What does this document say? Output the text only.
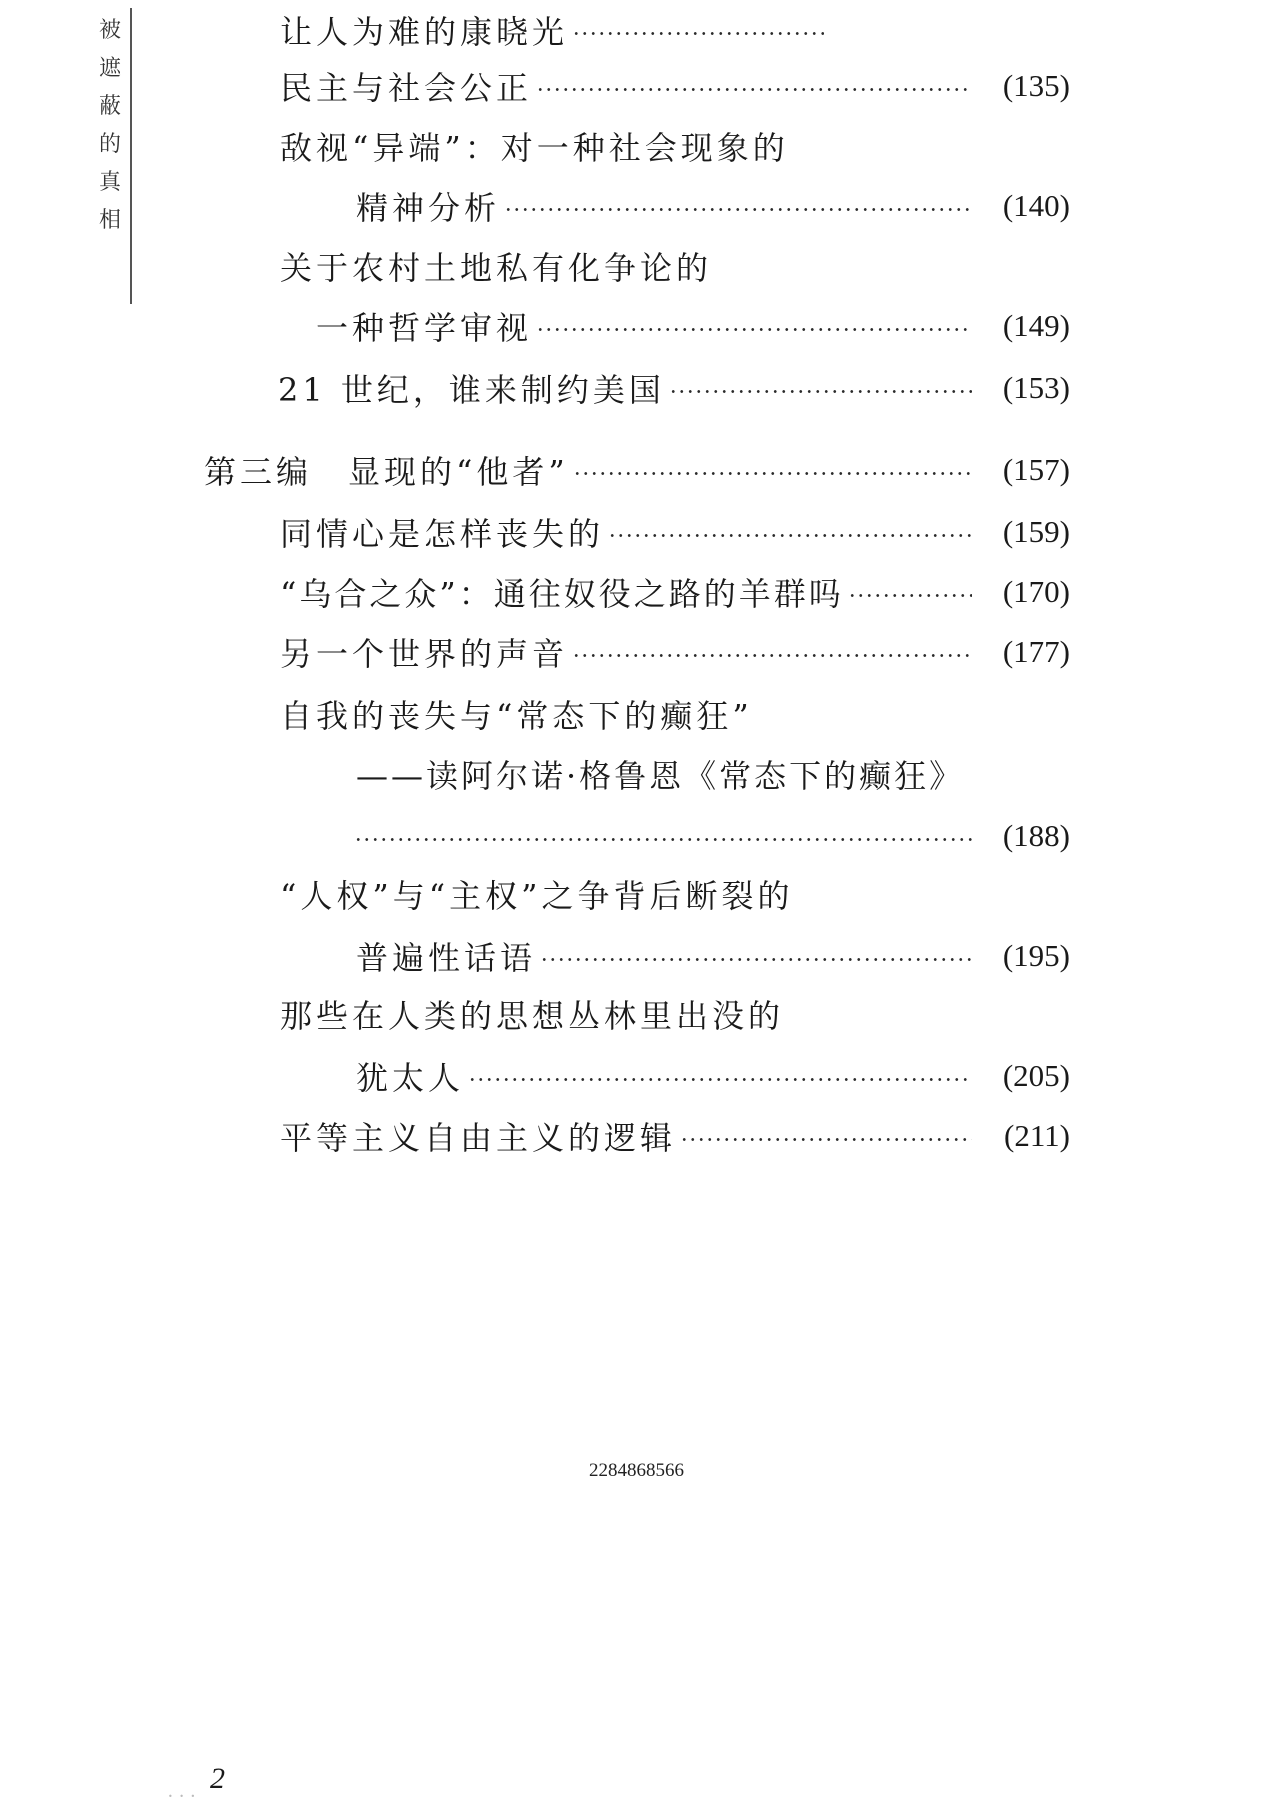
被
遮
蔽
的
真
相
让人为难的康晓光
民主与社会公正	(135)
敌视“异端”：对一种社会现象的
精神分析	(140)
关于农村土地私有化争论的
一种哲学审视	(149)
21 世纪，谁来制约美国	(153)
第三编　显现的“他者”	(157)
同情心是怎样丧失的	(159)
“乌合之众”：通往奴役之路的羊群吗	(170)
另一个世界的声音	(177)
自我的丧失与“常态下的癫狂”
——读阿尔诺·格鲁恩《常态下的癫狂》
(188)
“人权”与“主权”之争背后断裂的
普遍性话语	(195)
那些在人类的思想丛林里出没的
犹太人	(205)
平等主义自由主义的逻辑	(211)
2284868566
2
• • •
